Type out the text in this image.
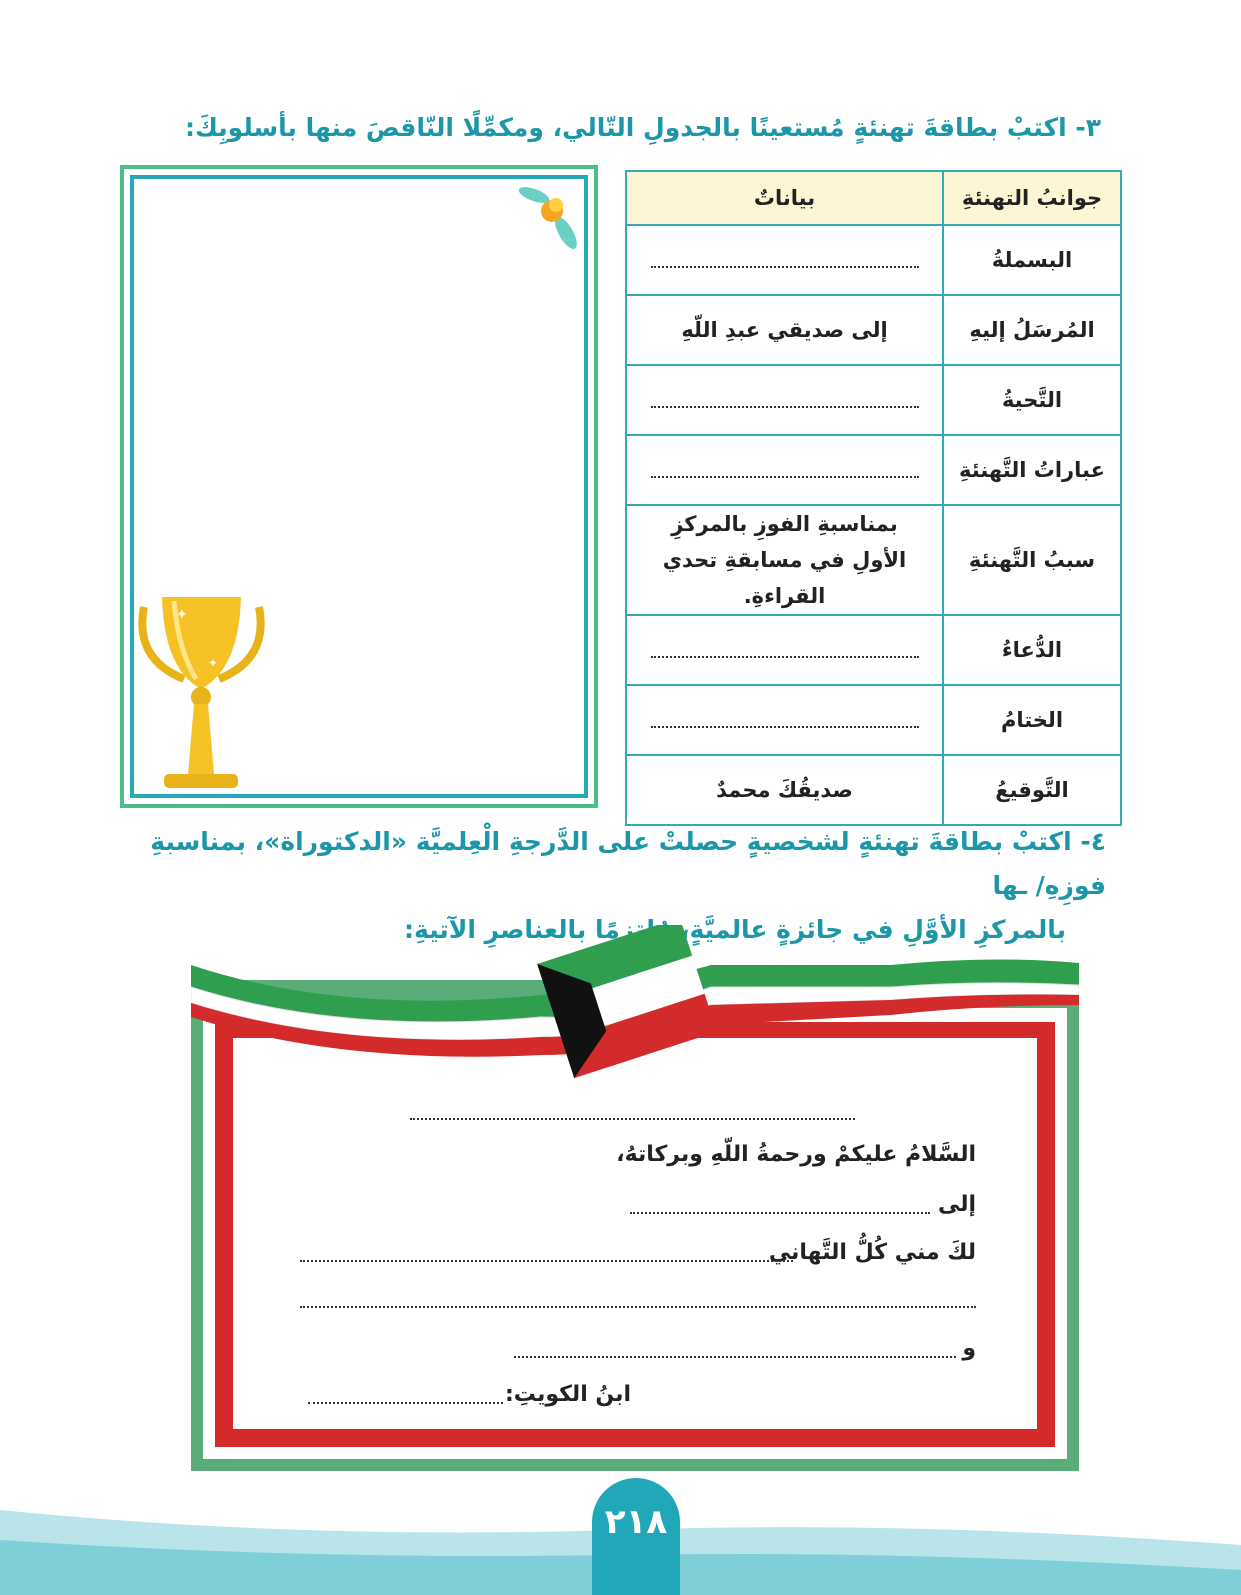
٣- اكتبْ بطاقةَ تهنئةٍ مُستعينًا بالجدولِ التّالي، ومكمِّلًا النّاقصَ منها بأسلوبِكَ:
✦
✦
جوانبُ التهنئةِ	بياناتٌ
البسملةُ	
المُرسَلُ إليهِ	إلى صديقي عبدِ اللّهِ
التَّحيةُ	
عباراتُ التَّهنئةِ	
سببُ التَّهنئةِ	بمناسبةِ الفوزِ بالمركزِ الأولِ في مسابقةِ تحدي القراءةِ.
الدُّعاءُ	
الختامُ	
التَّوقيعُ	صديقُكَ محمدٌ
٤- اكتبْ بطاقةَ تهنئةٍ لشخصيةٍ حصلتْ على الدَّرجةِ الْعِلميَّة «الدكتوراة»، بمناسبةِ فوزِهِ/ ـها
بالمركزِ الأوَّلِ في جائزةٍ عالميَّةٍ، مُلتزمًا بالعناصرِ الآتيةِ:
السَّلامُ عليكمْ ورحمةُ اللّهِ وبركاتهُ،
إلى
لكَ مني كُلُّ التَّهاني
و
ابنُ الكويتِ:
٢١٨
